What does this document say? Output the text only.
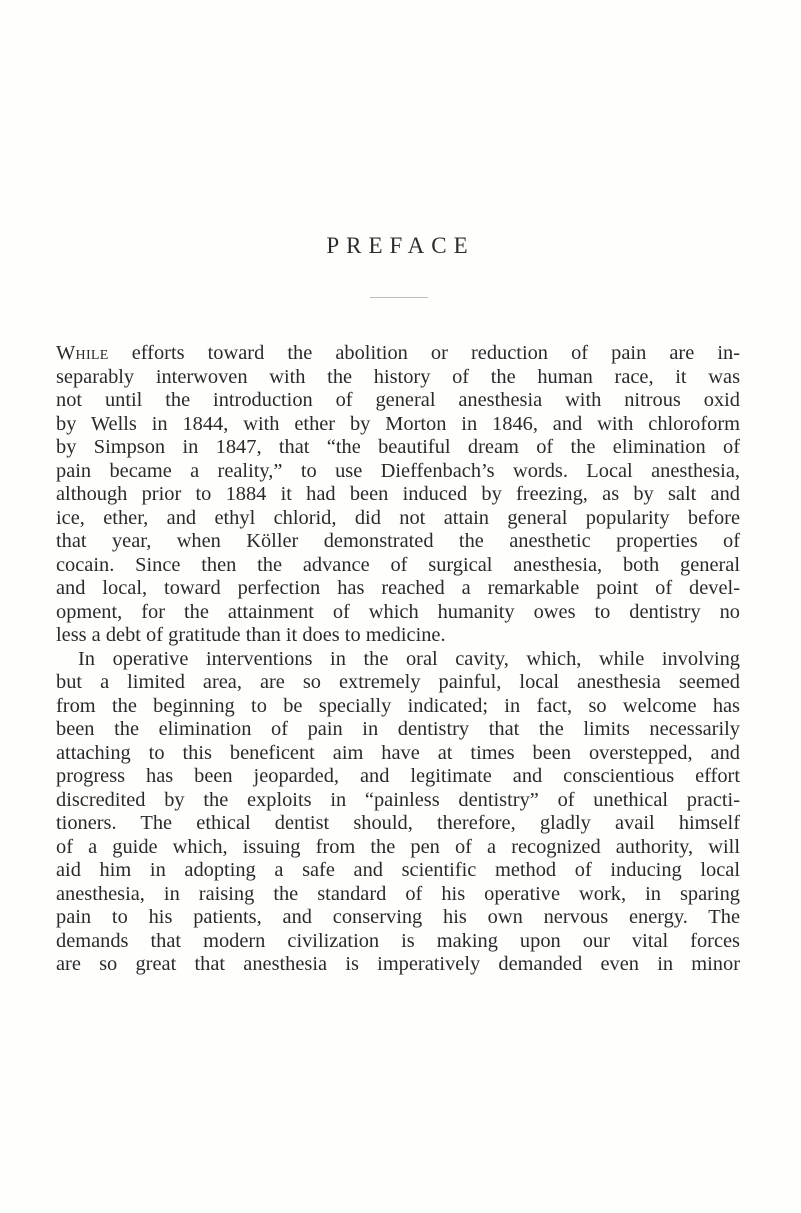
PREFACE
While efforts toward the abolition or reduction of pain are in-
separably interwoven with the history of the human race, it was
not until the introduction of general anesthesia with nitrous oxid
by Wells in 1844, with ether by Morton in 1846, and with chloroform
by Simpson in 1847, that “the beautiful dream of the elimination of
pain became a reality,” to use Dieffenbach’s words. Local anesthesia,
although prior to 1884 it had been induced by freezing, as by salt and
ice, ether, and ethyl chlorid, did not attain general popularity before
that year, when Köller demonstrated the anesthetic properties of
cocain. Since then the advance of surgical anesthesia, both general
and local, toward perfection has reached a remarkable point of devel-
opment, for the attainment of which humanity owes to dentistry no
less a debt of gratitude than it does to medicine.
In operative interventions in the oral cavity, which, while involving
but a limited area, are so extremely painful, local anesthesia seemed
from the beginning to be specially indicated; in fact, so welcome has
been the elimination of pain in dentistry that the limits necessarily
attaching to this beneficent aim have at times been overstepped, and
progress has been jeoparded, and legitimate and conscientious effort
discredited by the exploits in “painless dentistry” of unethical practi-
tioners. The ethical dentist should, therefore, gladly avail himself
of a guide which, issuing from the pen of a recognized authority, will
aid him in adopting a safe and scientific method of inducing local
anesthesia, in raising the standard of his operative work, in sparing
pain to his patients, and conserving his own nervous energy. The
demands that modern civilization is making upon our vital forces
are so great that anesthesia is imperatively demanded even in minor
